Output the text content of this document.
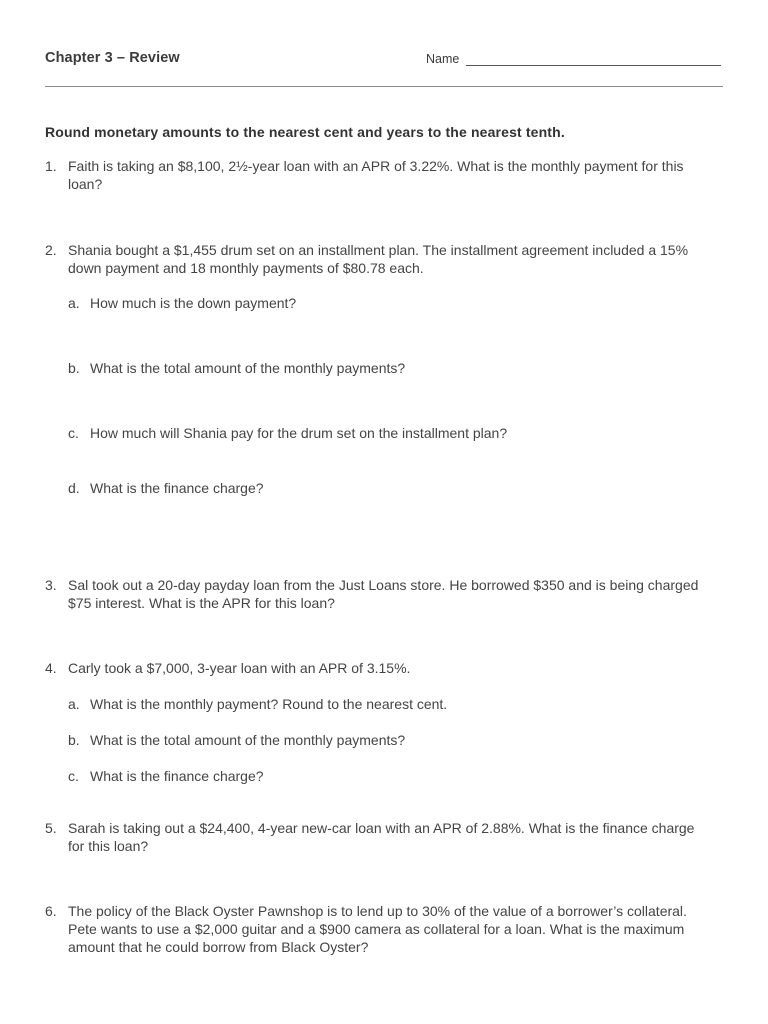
Chapter 3 – Review	Name
Round monetary amounts to the nearest cent and years to the nearest tenth.
1. Faith is taking an $8,100, 2½-year loan with an APR of 3.22%. What is the monthly payment for this loan?
2. Shania bought a $1,455 drum set on an installment plan. The installment agreement included a 15% down payment and 18 monthly payments of $80.78 each.
a. How much is the down payment?
b. What is the total amount of the monthly payments?
c. How much will Shania pay for the drum set on the installment plan?
d. What is the finance charge?
3. Sal took out a 20-day payday loan from the Just Loans store. He borrowed $350 and is being charged $75 interest. What is the APR for this loan?
4. Carly took a $7,000, 3-year loan with an APR of 3.15%.
a. What is the monthly payment? Round to the nearest cent.
b. What is the total amount of the monthly payments?
c. What is the finance charge?
5. Sarah is taking out a $24,400, 4-year new-car loan with an APR of 2.88%. What is the finance charge for this loan?
6. The policy of the Black Oyster Pawnshop is to lend up to 30% of the value of a borrower’s collateral. Pete wants to use a $2,000 guitar and a $900 camera as collateral for a loan. What is the maximum amount that he could borrow from Black Oyster?
